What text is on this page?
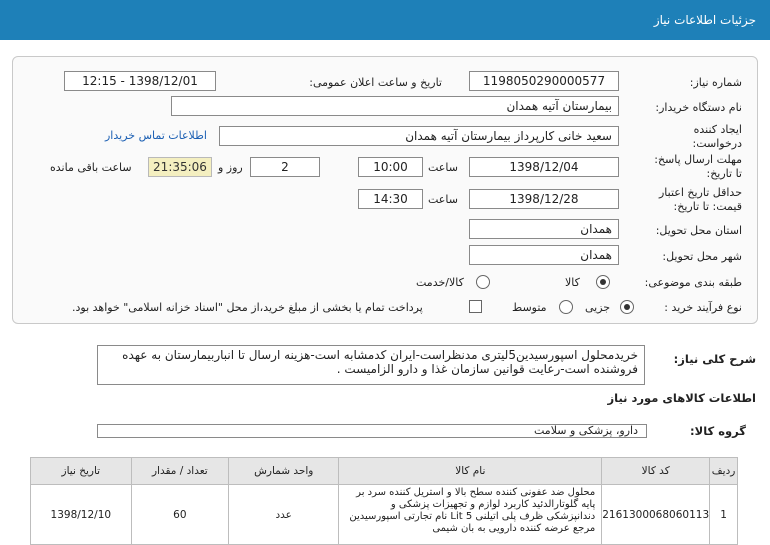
جزئیات اطلاعات نیاز
شماره نیاز:
1198050290000577
تاریخ و ساعت اعلان عمومی:
1398/12/01 - 12:15
نام دستگاه خریدار:
بیمارستان آتیه همدان
ایجاد کننده درخواست:
سعید خانی کارپرداز بیمارستان آتیه همدان
اطلاعات تماس خریدار
مهلت ارسال پاسخ: تا تاریخ:
1398/12/04
ساعت
10:00
2
روز و
21:35:06
ساعت باقی مانده
حداقل تاریخ اعتبار قیمت: تا تاریخ:
1398/12/28
ساعت
14:30
استان محل تحویل:
همدان
شهر محل تحویل:
همدان
طبقه بندی موضوعی:
کالا
کالا/خدمت
نوع فرآیند خرید :
جزیی
متوسط
پرداخت تمام یا بخشی از مبلغ خرید،از محل "اسناد خزانه اسلامی" خواهد بود.
شرح کلی نیاز:
خریدمحلول اسپورسیدین5لیتری مدنظراست-ایران کدمشابه است-هزینه ارسال تا انباربیمارستان به عهده فروشنده است-رعایت قوانین سازمان غذا و دارو الزامیست .
اطلاعات کالاهای مورد نیاز
گروه کالا:
دارو، پزشکی و سلامت
ردیف	کد کالا	نام کالا	واحد شمارش	تعداد / مقدار	تاریخ نیاز
1	2161300068060113	محلول ضد عفونی کننده سطح بالا و استریل کننده سرد بر پایه گلوتارالدئید کاربرد لوازم و تجهیزات پزشکی و دندانپزشکی ظرف پلی اتیلنی Lit 5 نام تجارتی اسپورسیدین مرجع عرضه کننده دارویی به بان شیمی	عدد	60	1398/12/10
